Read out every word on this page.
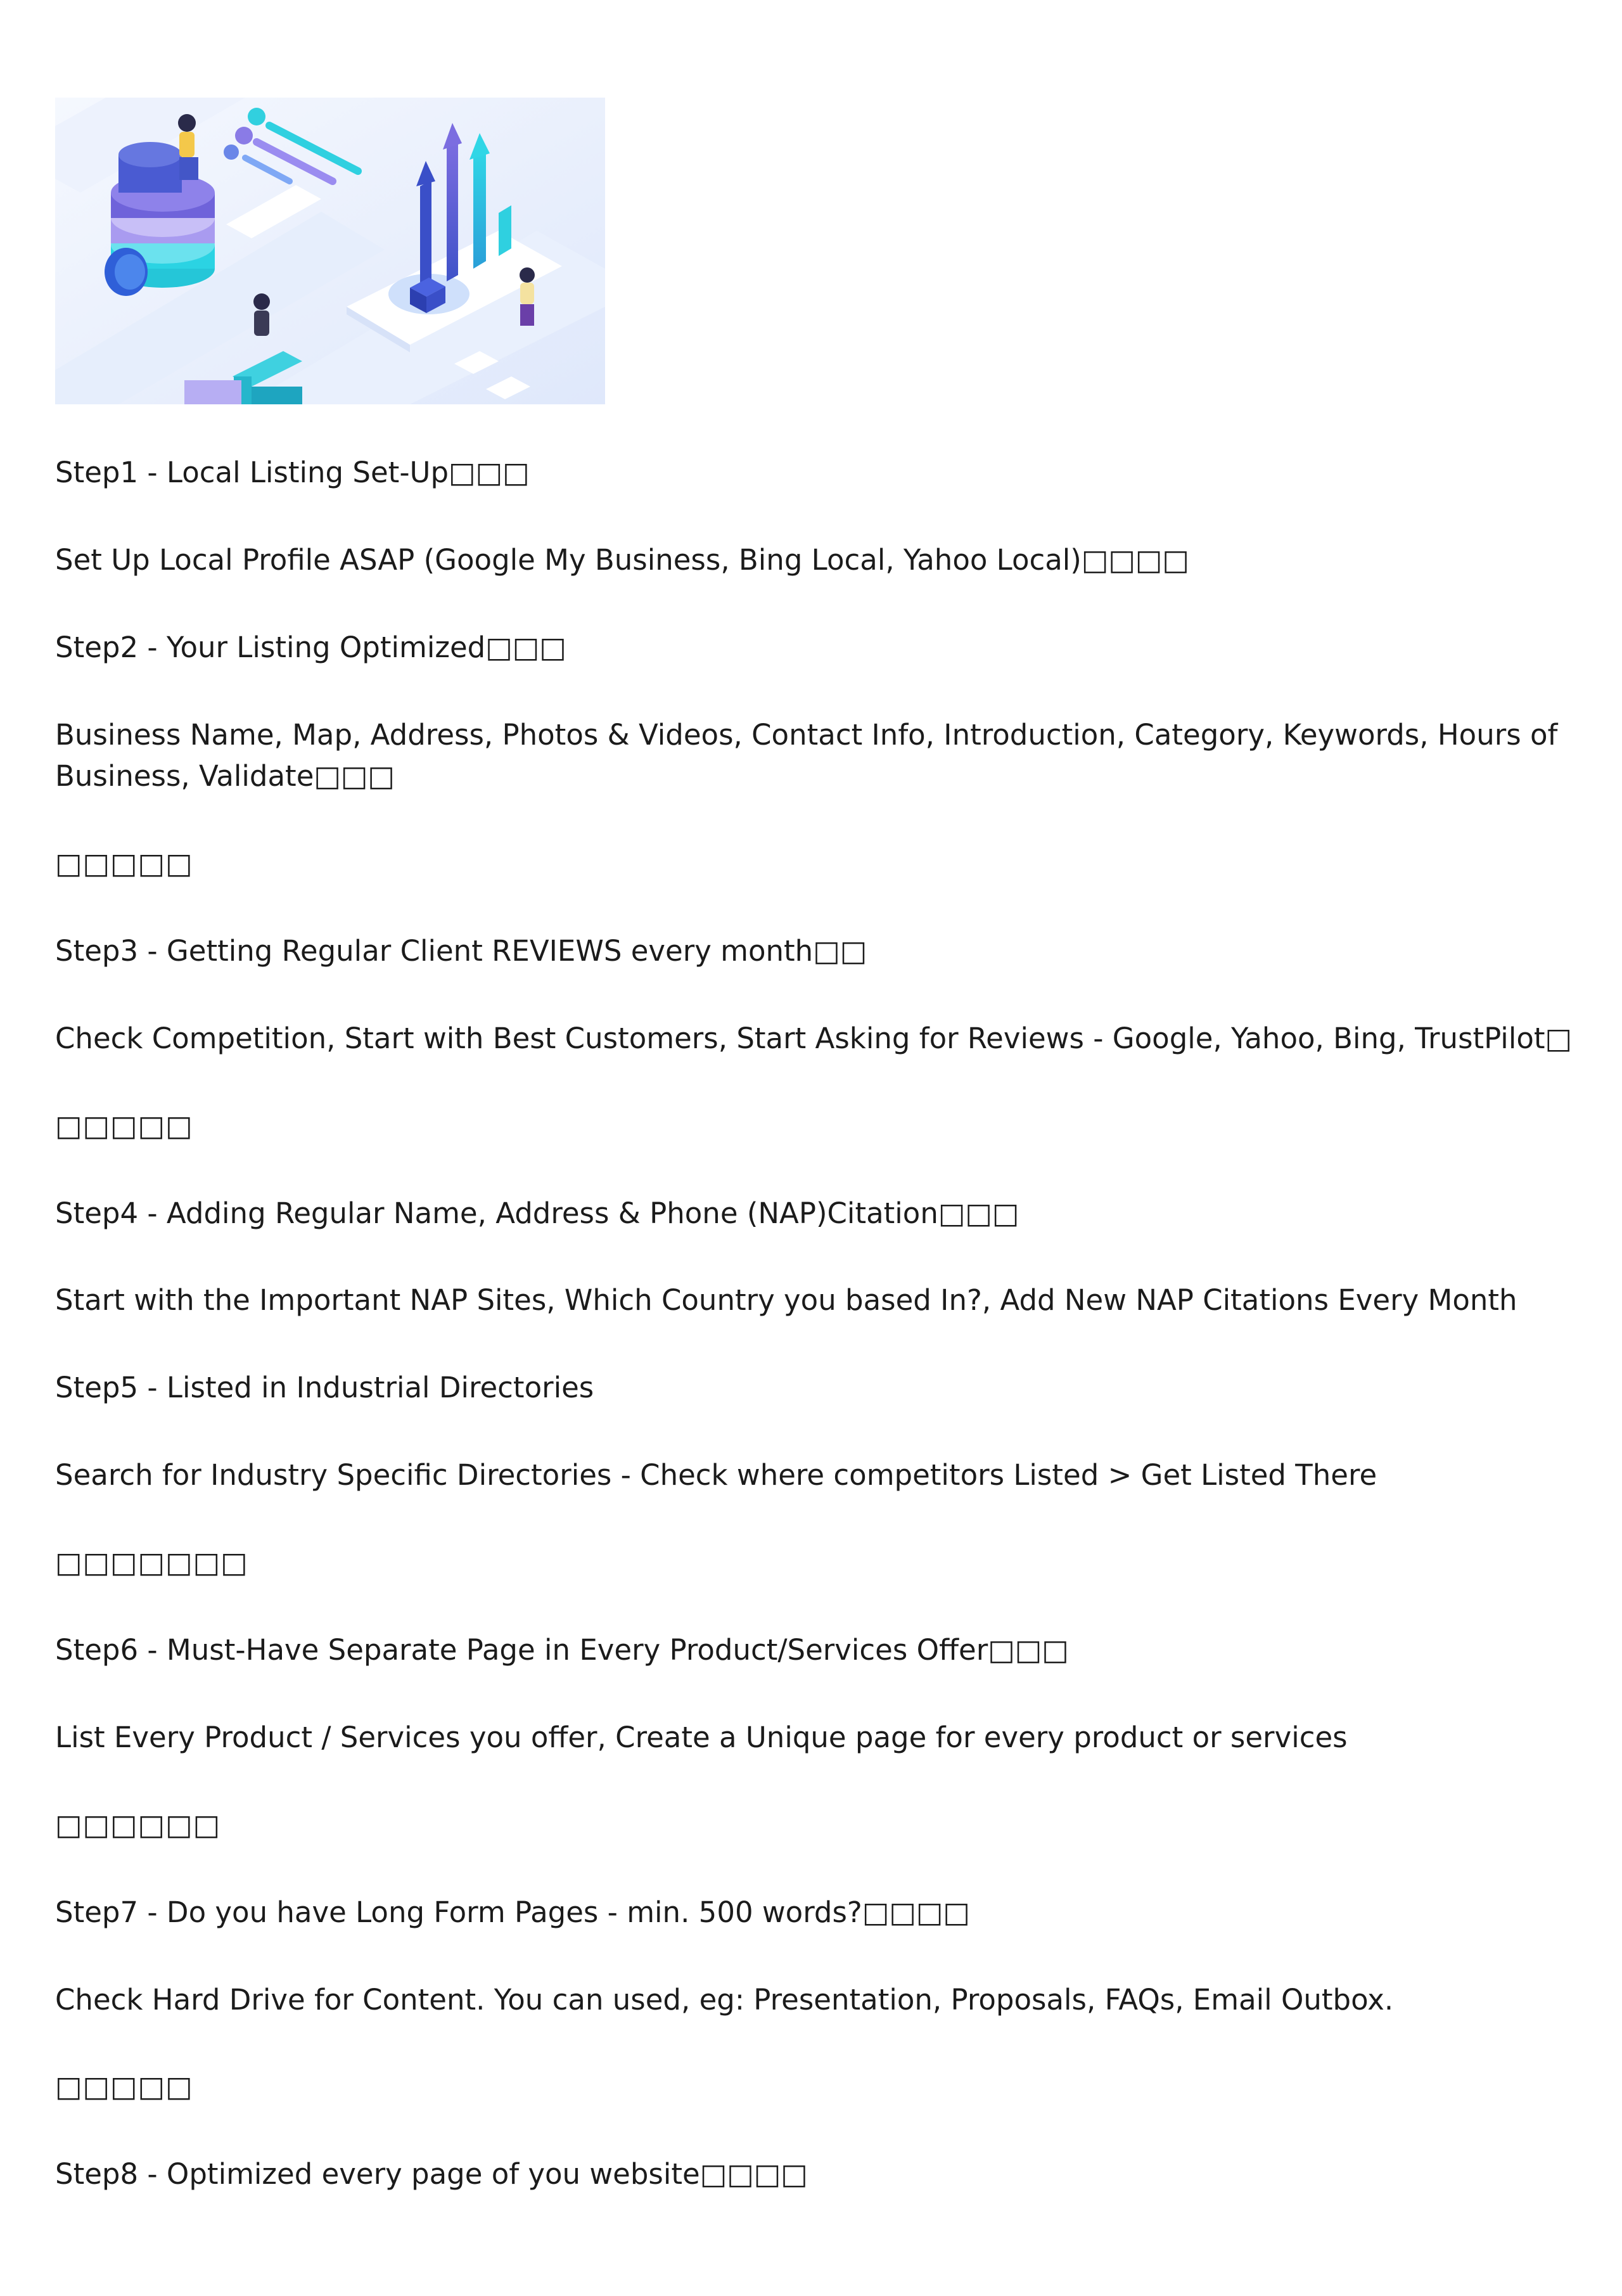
Step1 - Local Listing Set-Up□□□

Set Up Local Profile ASAP (Google My Business, Bing Local, Yahoo Local)□□□□

Step2 - Your Listing Optimized□□□

Business Name, Map, Address, Photos & Videos, Contact Info, Introduction, Category, Keywords, Hours of

Business, Validate□□□

□□□□□

Step3 - Getting Regular Client REVIEWS every month□□

Check Competition, Start with Best Customers, Start Asking for Reviews - Google, Yahoo, Bing, TrustPilot□

□□□□□

Step4 - Adding Regular Name, Address & Phone (NAP)Citation□□□

Start with the Important NAP Sites, Which Country you based In?, Add New NAP Citations Every Month

Step5 - Listed in Industrial Directories

Search for Industry Specific Directories - Check where competitors Listed > Get Listed There

□□□□□□□

Step6 - Must-Have Separate Page in Every Product/Services Offer□□□

List Every Product / Services you offer, Create a Unique page for every product or services

□□□□□□

Step7 - Do you have Long Form Pages - min. 500 words?□□□□

Check Hard Drive for Content. You can used, eg: Presentation, Proposals, FAQs, Email Outbox.

□□□□□

Step8 - Optimized every page of you website□□□□
